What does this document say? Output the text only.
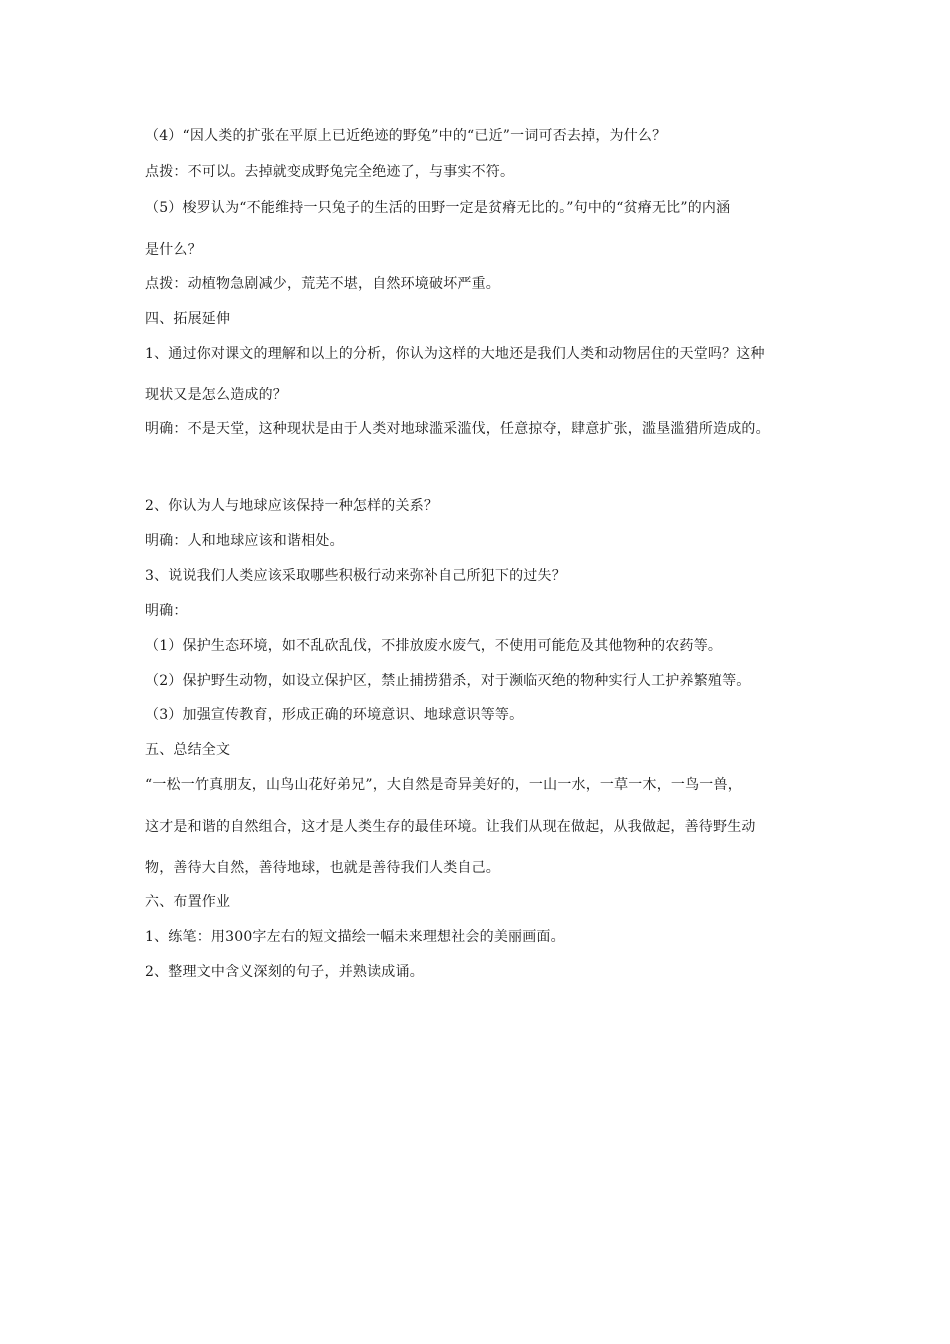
（4）“因人类的扩张在平原上已近绝迹的野兔”中的“已近”一词可否去掉，为什么？
点拨：不可以。去掉就变成野兔完全绝迹了，与事实不符。
（5）梭罗认为“不能维持一只兔子的生活的田野一定是贫瘠无比的。”句中的“贫瘠无比”的内涵
是什么？
点拨：动植物急剧减少，荒芜不堪，自然环境破坏严重。
四、拓展延伸
1、通过你对课文的理解和以上的分析，你认为这样的大地还是我们人类和动物居住的天堂吗？这种
现状又是怎么造成的？
明确：不是天堂，这种现状是由于人类对地球滥采滥伐，任意掠夺，肆意扩张，滥垦滥猎所造成的。
2、你认为人与地球应该保持一种怎样的关系？
明确：人和地球应该和谐相处。
3、说说我们人类应该采取哪些积极行动来弥补自己所犯下的过失？
明确：
（1）保护生态环境，如不乱砍乱伐，不排放废水废气，不使用可能危及其他物种的农药等。
（2）保护野生动物，如设立保护区，禁止捕捞猎杀，对于濒临灭绝的物种实行人工护养繁殖等。
（3）加强宣传教育，形成正确的环境意识、地球意识等等。
五、总结全文
“一松一竹真朋友，山鸟山花好弟兄”，大自然是奇异美好的，一山一水，一草一木，一鸟一兽，
这才是和谐的自然组合，这才是人类生存的最佳环境。让我们从现在做起，从我做起，善待野生动
物，善待大自然，善待地球，也就是善待我们人类自己。
六、布置作业
1、练笔：用300字左右的短文描绘一幅未来理想社会的美丽画面。
2、整理文中含义深刻的句子，并熟读成诵。
